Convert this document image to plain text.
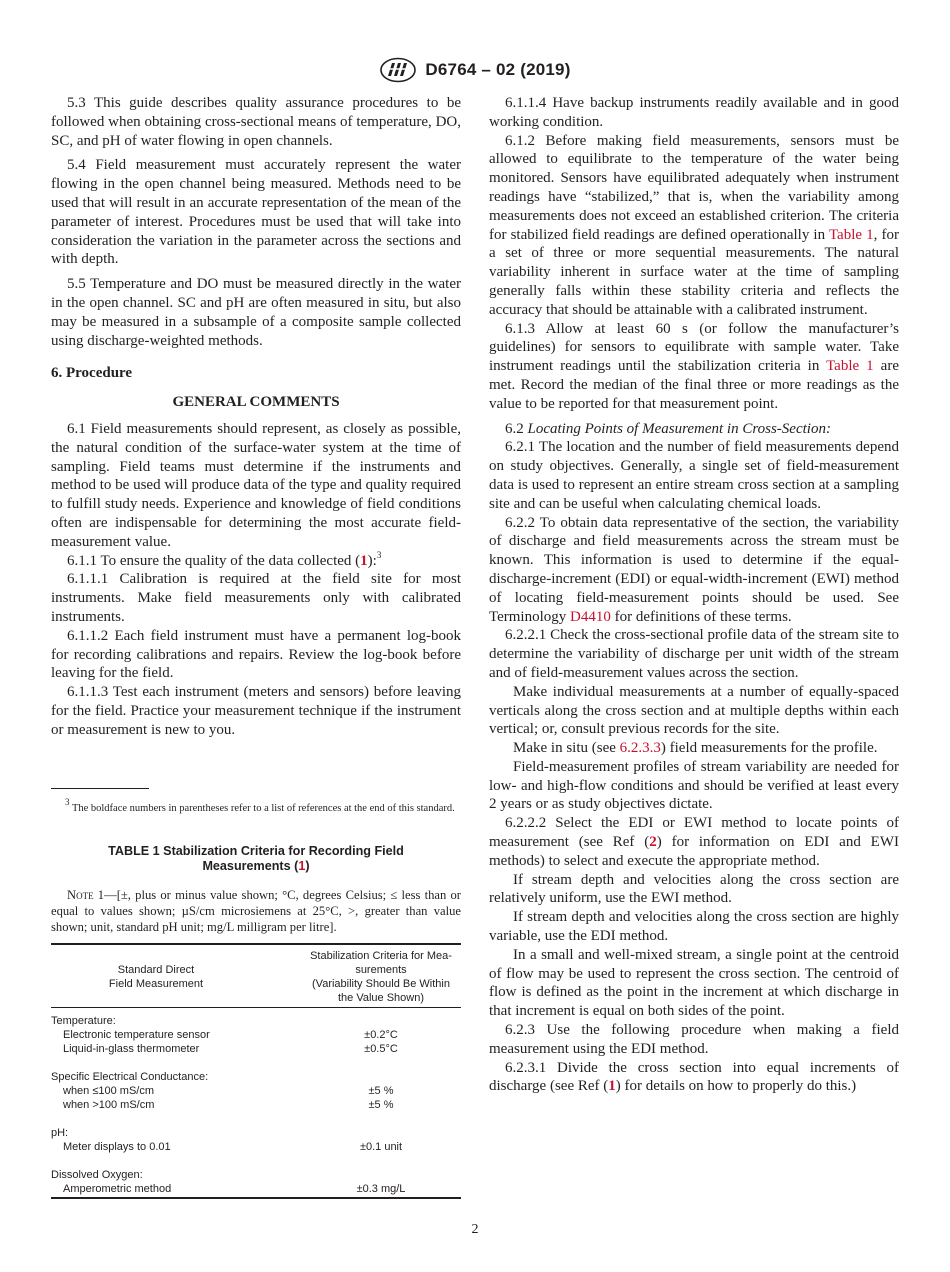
D6764 – 02 (2019)

5.3 This guide describes quality assurance procedures to be followed when obtaining cross-sectional means of temperature, DO, SC, and pH of water flowing in open channels.

5.4 Field measurement must accurately represent the water flowing in the open channel being measured. Methods need to be used that will result in an accurate representation of the mean of the parameter of interest. Procedures must be used that will take into consideration the variation in the parameter across the sections and with depth.

5.5 Temperature and DO must be measured directly in the water in the open channel. SC and pH are often measured in situ, but also may be measured in a subsample of a composite sample collected using discharge-weighted methods.

6. Procedure
GENERAL COMMENTS

6.1 Field measurements should represent, as closely as possible, the natural condition of the surface-water system at the time of sampling. Field teams must determine if the instruments and method to be used will produce data of the type and quality required to fulfill study needs. Experience and knowledge of field conditions often are indispensable for determining the most accurate field-measurement value.

6.1.1 To ensure the quality of the data collected (1):$^3$

6.1.1.1 Calibration is required at the field site for most instruments. Make field measurements only with calibrated instruments.

6.1.1.2 Each field instrument must have a permanent log-book for recording calibrations and repairs. Review the log-book before leaving for the field.

6.1.1.3 Test each instrument (meters and sensors) before leaving for the field. Practice your measurement technique if the instrument or measurement is new to you.

$^3$ The boldface numbers in parentheses refer to a list of references at the end of this standard.

TABLE 1 Stabilization Criteria for Recording Field Measurements (1)

Note 1—[±, plus or minus value shown; °C, degrees Celsius; ≤ less than or equal to values shown; µS/cm microsiemens at 25°C, >, greater than value shown; unit, standard pH unit; mg/L milligram per litre].

Standard Direct
Field Measurement	Stabilization Criteria for Mea-
surements
(Variability Should Be Within
the Value Shown)
Temperature:	
Electronic temperature sensor	±0.2°C
Liquid-in-glass thermometer	±0.5°C
Specific Electrical Conductance:	
when ≤100 mS/cm	±5 %
when >100 mS/cm	±5 %
pH:	
Meter displays to 0.01	±0.1 unit
Dissolved Oxygen:	
Amperometric method	±0.3 mg/L

6.1.1.4 Have backup instruments readily available and in good working condition.

6.1.2 Before making field measurements, sensors must be allowed to equilibrate to the temperature of the water being monitored. Sensors have equilibrated adequately when instrument readings have “stabilized,” that is, when the variability among measurements does not exceed an established criterion. The criteria for stabilized field readings are defined operationally in Table 1, for a set of three or more sequential measurements. The natural variability inherent in surface water at the time of sampling generally falls within these stability criteria and reflects the accuracy that should be attainable with a calibrated instrument.

6.1.3 Allow at least 60 s (or follow the manufacturer’s guidelines) for sensors to equilibrate with sample water. Take instrument readings until the stabilization criteria in Table 1 are met. Record the median of the final three or more readings as the value to be reported for that measurement point.

6.2 Locating Points of Measurement in Cross-Section:

6.2.1 The location and the number of field measurements depend on study objectives. Generally, a single set of field-measurement data is used to represent an entire stream cross section at a sampling site and can be useful when calculating chemical loads.

6.2.2 To obtain data representative of the section, the variability of discharge and field measurements across the stream must be known. This information is used to determine if the equal-discharge-increment (EDI) or equal-width-increment (EWI) method of locating field-measurement points should be used. See Terminology D4410 for definitions of these terms.

6.2.2.1 Check the cross-sectional profile data of the stream site to determine the variability of discharge per unit width of the stream and of field-measurement values across the section.

Make individual measurements at a number of equally-spaced verticals along the cross section and at multiple depths within each vertical; or, consult previous records for the site.

Make in situ (see 6.2.3.3) field measurements for the profile.

Field-measurement profiles of stream variability are needed for low- and high-flow conditions and should be verified at least every 2 years or as study objectives dictate.

6.2.2.2 Select the EDI or EWI method to locate points of measurement (see Ref (2) for information on EDI and EWI methods) to select and execute the appropriate method.

If stream depth and velocities along the cross section are relatively uniform, use the EWI method.

If stream depth and velocities along the cross section are highly variable, use the EDI method.

In a small and well-mixed stream, a single point at the centroid of flow may be used to represent the cross section. The centroid of flow is defined as the point in the increment at which discharge in that increment is equal on both sides of the point.

6.2.3 Use the following procedure when making a field measurement using the EDI method.

6.2.3.1 Divide the cross section into equal increments of discharge (see Ref (1) for details on how to properly do this.)

2
